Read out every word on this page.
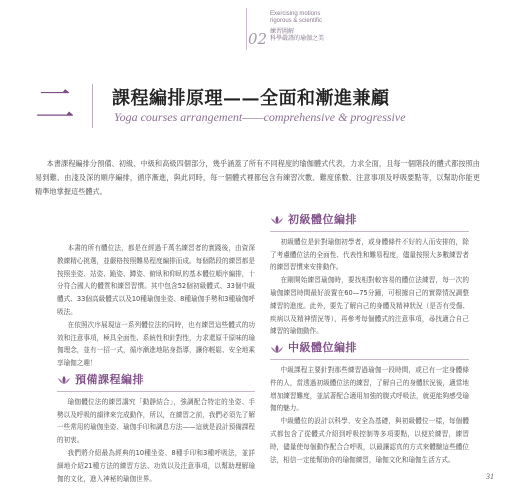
02
Exercising motions
rigorous & scientific
練習圖解
科學嚴謹的瑜伽之美
二 課程編排原理——全面和漸進兼顧
Yoga courses arrangement——comprehensive & progressive

本書課程編排分預備、初級、中級和高級四個部分，幾乎涵蓋了所有不同程度的瑜伽體式代表，力求全面，且每一個階段的體式都按照由易到難、由淺及深的順序編排，循序漸進，與此同時，每一個體式裡都包含有練習次數、難度係數、注意事項及呼吸要點等，以幫助你能更精準地掌握這些體式。

本書的所有體位法，都是在經過千萬名練習者的實踐後，由資深教練精心挑選，並嚴格按照難易程度編排而成。每個階段的練習都是按照坐姿、站姿、跪姿、蹲姿、俯臥和仰臥的基本體位順序編排，十分符合國人的體質和練習習慣。其中包含52個初級體式、33個中級體式、33個高級體式以及10種瑜伽坐姿、8種瑜伽手勢和3種瑜伽呼吸法。

在依照次序展現這一系列體位法的同時，也有練習這些體式的功效和注意事項，極具全面性、系統性和針對性，力求還原千原味的瑜伽理念，並有一招一式，循序漸進地貼身指導，讓你輕鬆、安全地乘享瑜伽之趣！

預備課程編排

瑜伽體位法的練習講究「動靜結合」，強調配合特定的坐姿、手勢以及呼吸的韻律來完成動作，所以，在練習之前，我們必須先了解一些常用的瑜伽坐姿、瑜伽手印和調息方法——這就是設計預備課程的初衷。

我們將介紹最為經典的10種坐姿、8種手印和3種呼吸法，並詳細地介紹21種方法的練習方法、功效以及注意事項，以幫助理解瑜伽的文化，進入神秘的瑜伽世界。

初級體位編排

初級體位是針對瑜伽初學者，或身體條件不好的人而安排的，除了考慮體位法的全面性、代表性和難易程度，儘量按照大多數練習者的練習習慣來安排動作。

在剛開始練習瑜伽時，要找相對較容易的體位法練習，每一次的瑜伽練習時間最好設置在60—75分鐘，可根據自己的實際情況調整練習的進度。此外，要先了解自己的身體及精神狀況（是否有受傷、疾病以及精神情況等），再參考每個體式的注意事項，尋找適合自己練習的瑜伽動作。

中級體位編排

中級課程主要針對那些練習過瑜伽一段時間，或已有一定身體條件的人，當透過初級體位法的練習，了解自己的身體狀況後，適當地增加練習難度，並試著配合適用加強的腹式呼吸法，就更能夠感受瑜伽的魅力。

中級體位的設計以科學、安全為基礎，與初級體位一樣，每個體式都包含了從體式介紹到呼吸控制等多項要點，以便於練習，練習時，儘量使每個動作配合合呼吸，以最讓認真的方式來體驗這些體位法，相信一定能幫助你的瑜伽練習，瑜伽文化和瑜伽生活方式。

31
